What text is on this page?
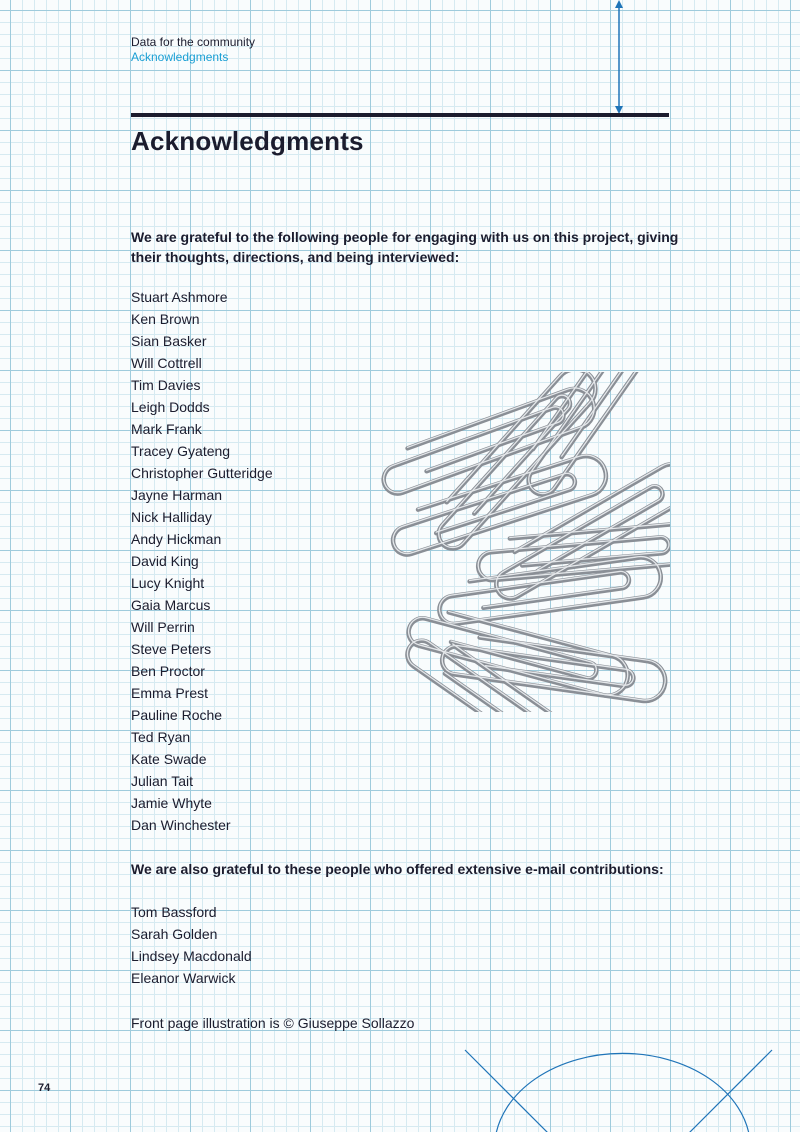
Data for the community
Acknowledgments
Acknowledgments

We are grateful to the following people for engaging with us on this project, giving their thoughts, directions, and being interviewed:

Stuart Ashmore
Ken Brown
Sian Basker
Will Cottrell
Tim Davies
Leigh Dodds
Mark Frank
Tracey Gyateng
Christopher Gutteridge
Jayne Harman
Nick Halliday
Andy Hickman
David King
Lucy Knight
Gaia Marcus
Will Perrin
Steve Peters
Ben Proctor
Emma Prest
Pauline Roche
Ted Ryan
Kate Swade
Julian Tait
Jamie Whyte
Dan Winchester

We are also grateful to these people who offered extensive e-mail contributions:

Tom Bassford
Sarah Golden
Lindsey Macdonald
Eleanor Warwick
Front page illustration is © Giuseppe Sollazzo
74
